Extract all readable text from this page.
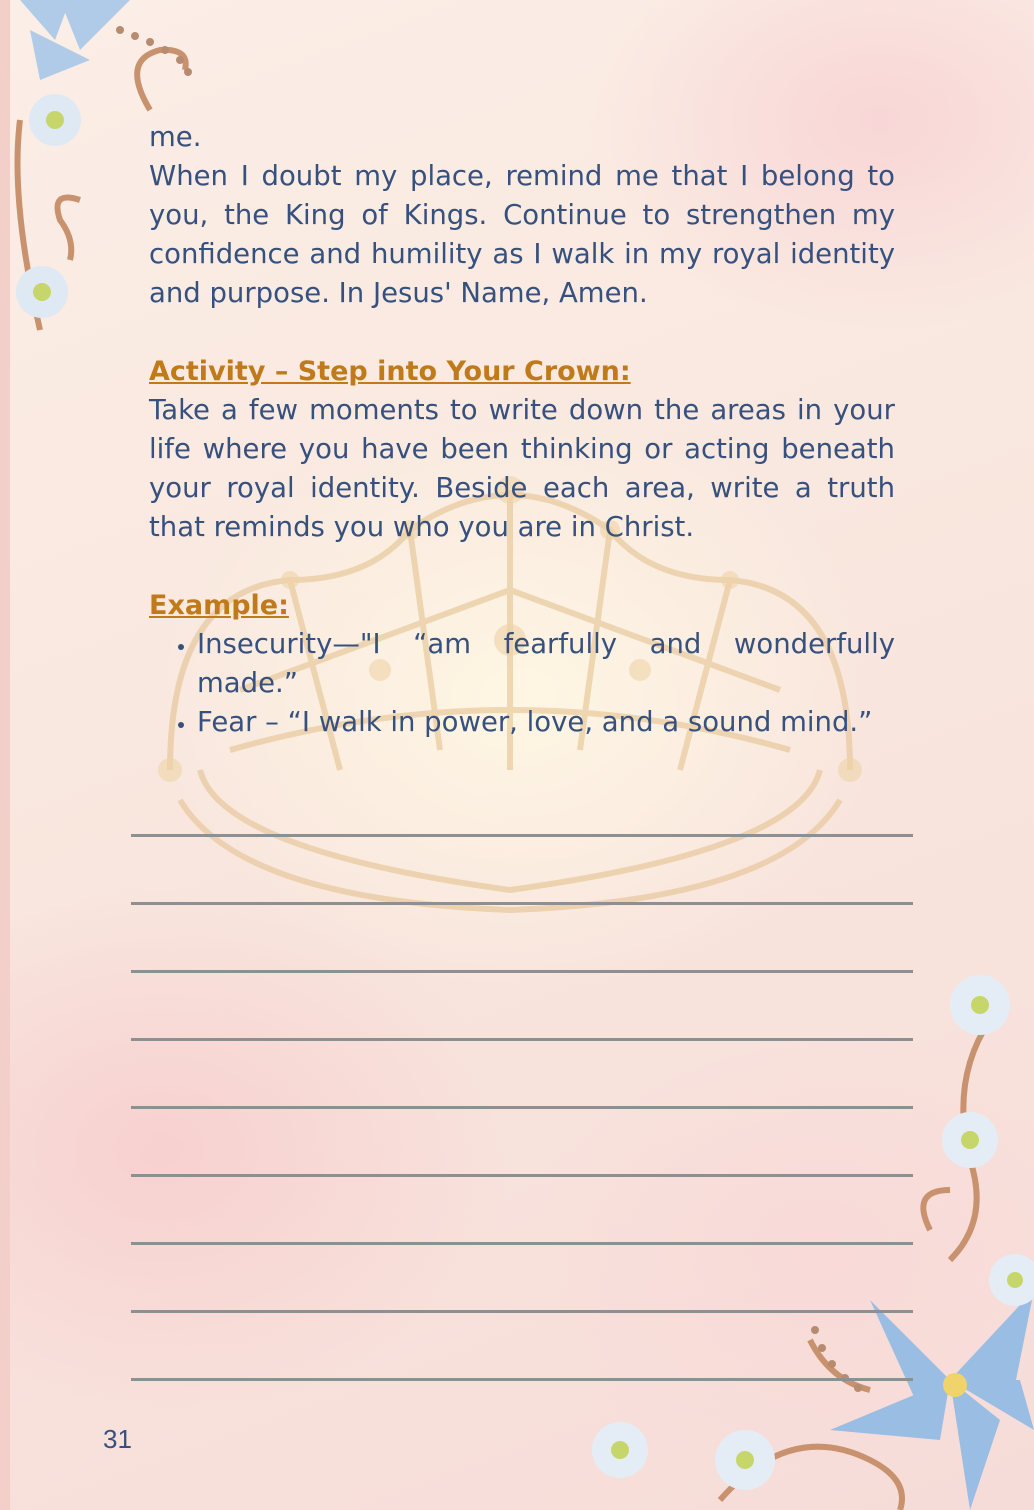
me.

When I doubt my place, remind me that I belong to you, the King of Kings. Continue to strengthen my confidence and humility as I walk in my royal identity and purpose. In Jesus' Name, Amen.

Activity – Step into Your Crown:

Take a few moments to write down the areas in your life where you have been thinking or acting beneath your royal identity. Beside each area, write a truth that reminds you who you are in Christ.

Example:

• Insecurity—"I “am fearfully and wonderfully made.”
• Fear – “I walk in power, love, and a sound mind.”
31
